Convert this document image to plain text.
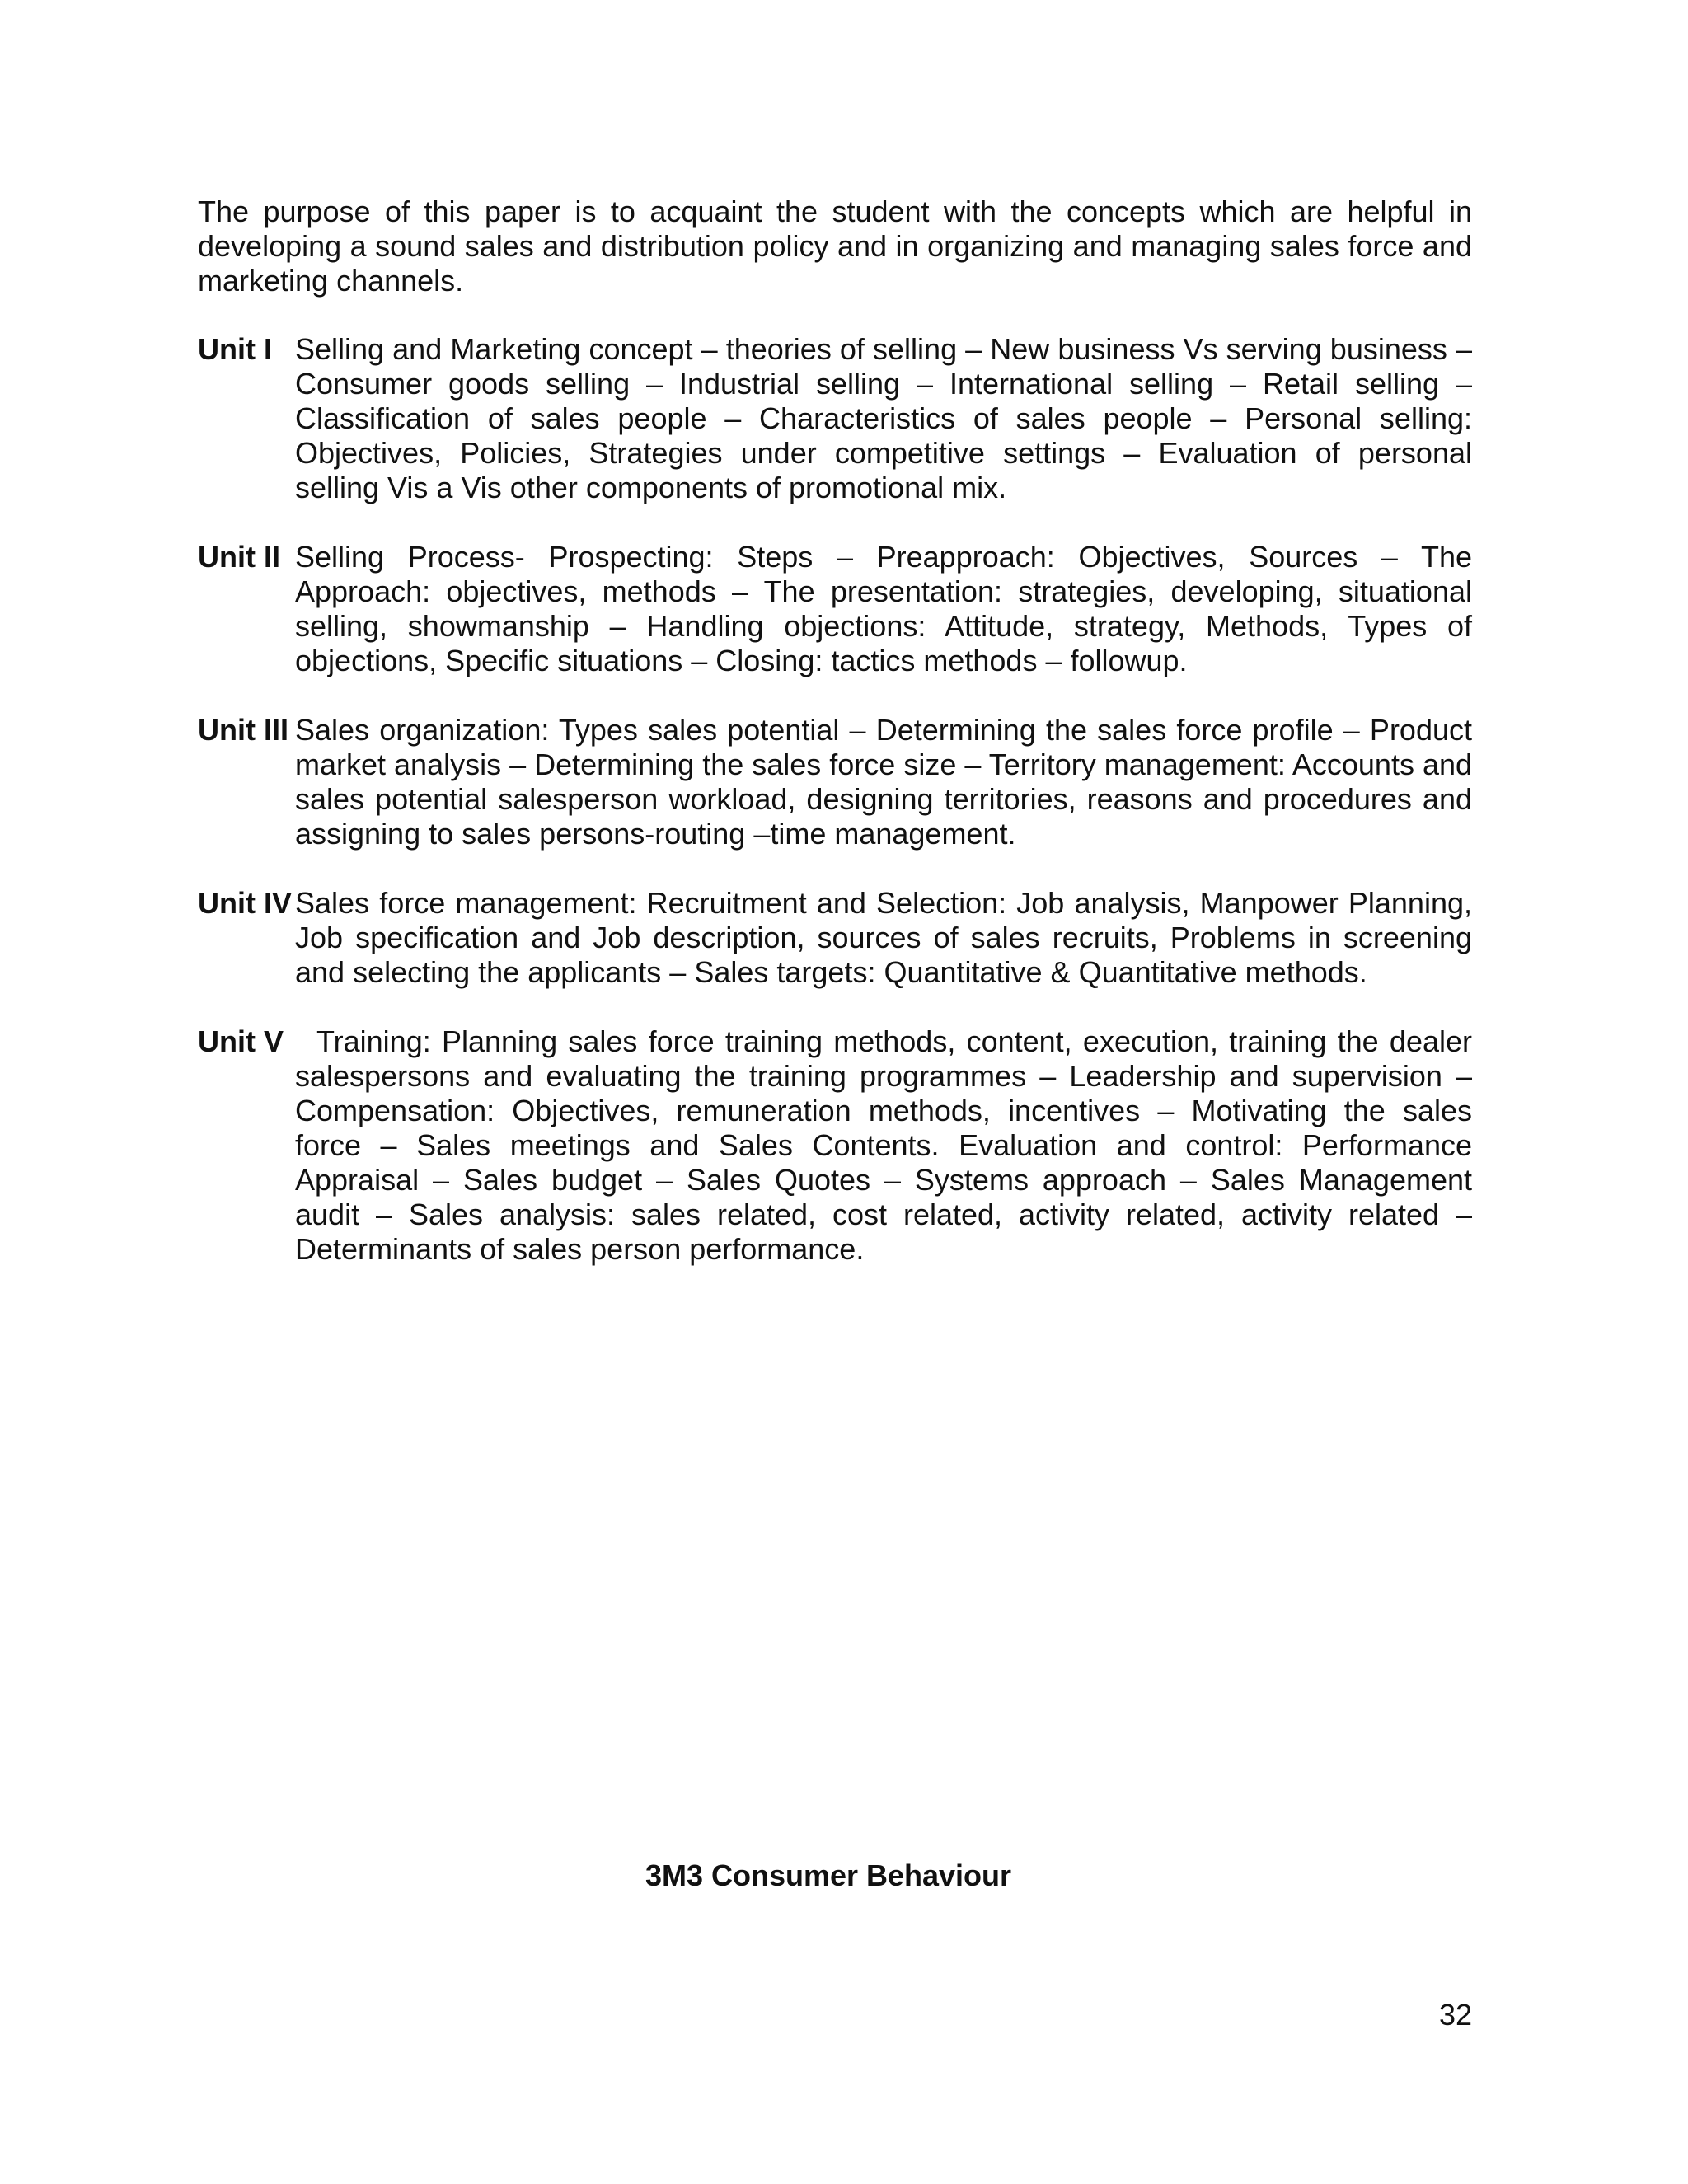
The purpose of this paper is to acquaint the student with the concepts which are helpful in developing a sound sales and distribution policy and in organizing and managing sales force and marketing channels.

Unit I Selling and Marketing concept – theories of selling – New business Vs serving business – Consumer goods selling – Industrial selling – International selling – Retail selling – Classification of sales people – Characteristics of sales people – Personal selling: Objectives, Policies, Strategies under competitive settings – Evaluation of personal selling Vis a Vis other components of promotional mix.

Unit II Selling Process- Prospecting: Steps – Preapproach: Objectives, Sources – The Approach: objectives, methods – The presentation: strategies, developing, situational selling, showmanship – Handling objections: Attitude, strategy, Methods, Types of objections, Specific situations – Closing: tactics methods – followup.

Unit III Sales organization: Types sales potential – Determining the sales force profile – Product market analysis – Determining the sales force size – Territory management: Accounts and sales potential salesperson workload, designing territories, reasons and procedures and assigning to sales persons-routing –time management.

Unit IV Sales force management: Recruitment and Selection: Job analysis, Manpower Planning, Job specification and Job description, sources of sales recruits, Problems in screening and selecting the applicants – Sales targets: Quantitative & Quantitative methods.

Unit V	Training: Planning sales force training methods, content, execution, training the dealer salespersons and evaluating the training programmes – Leadership and supervision – Compensation: Objectives, remuneration methods, incentives – Motivating the sales force – Sales meetings and Sales Contents. Evaluation and control: Performance Appraisal – Sales budget – Sales Quotes – Systems approach – Sales Management audit – Sales analysis: sales related, cost related, activity related, activity related – Determinants of sales person performance.

3M3 Consumer Behaviour

32
